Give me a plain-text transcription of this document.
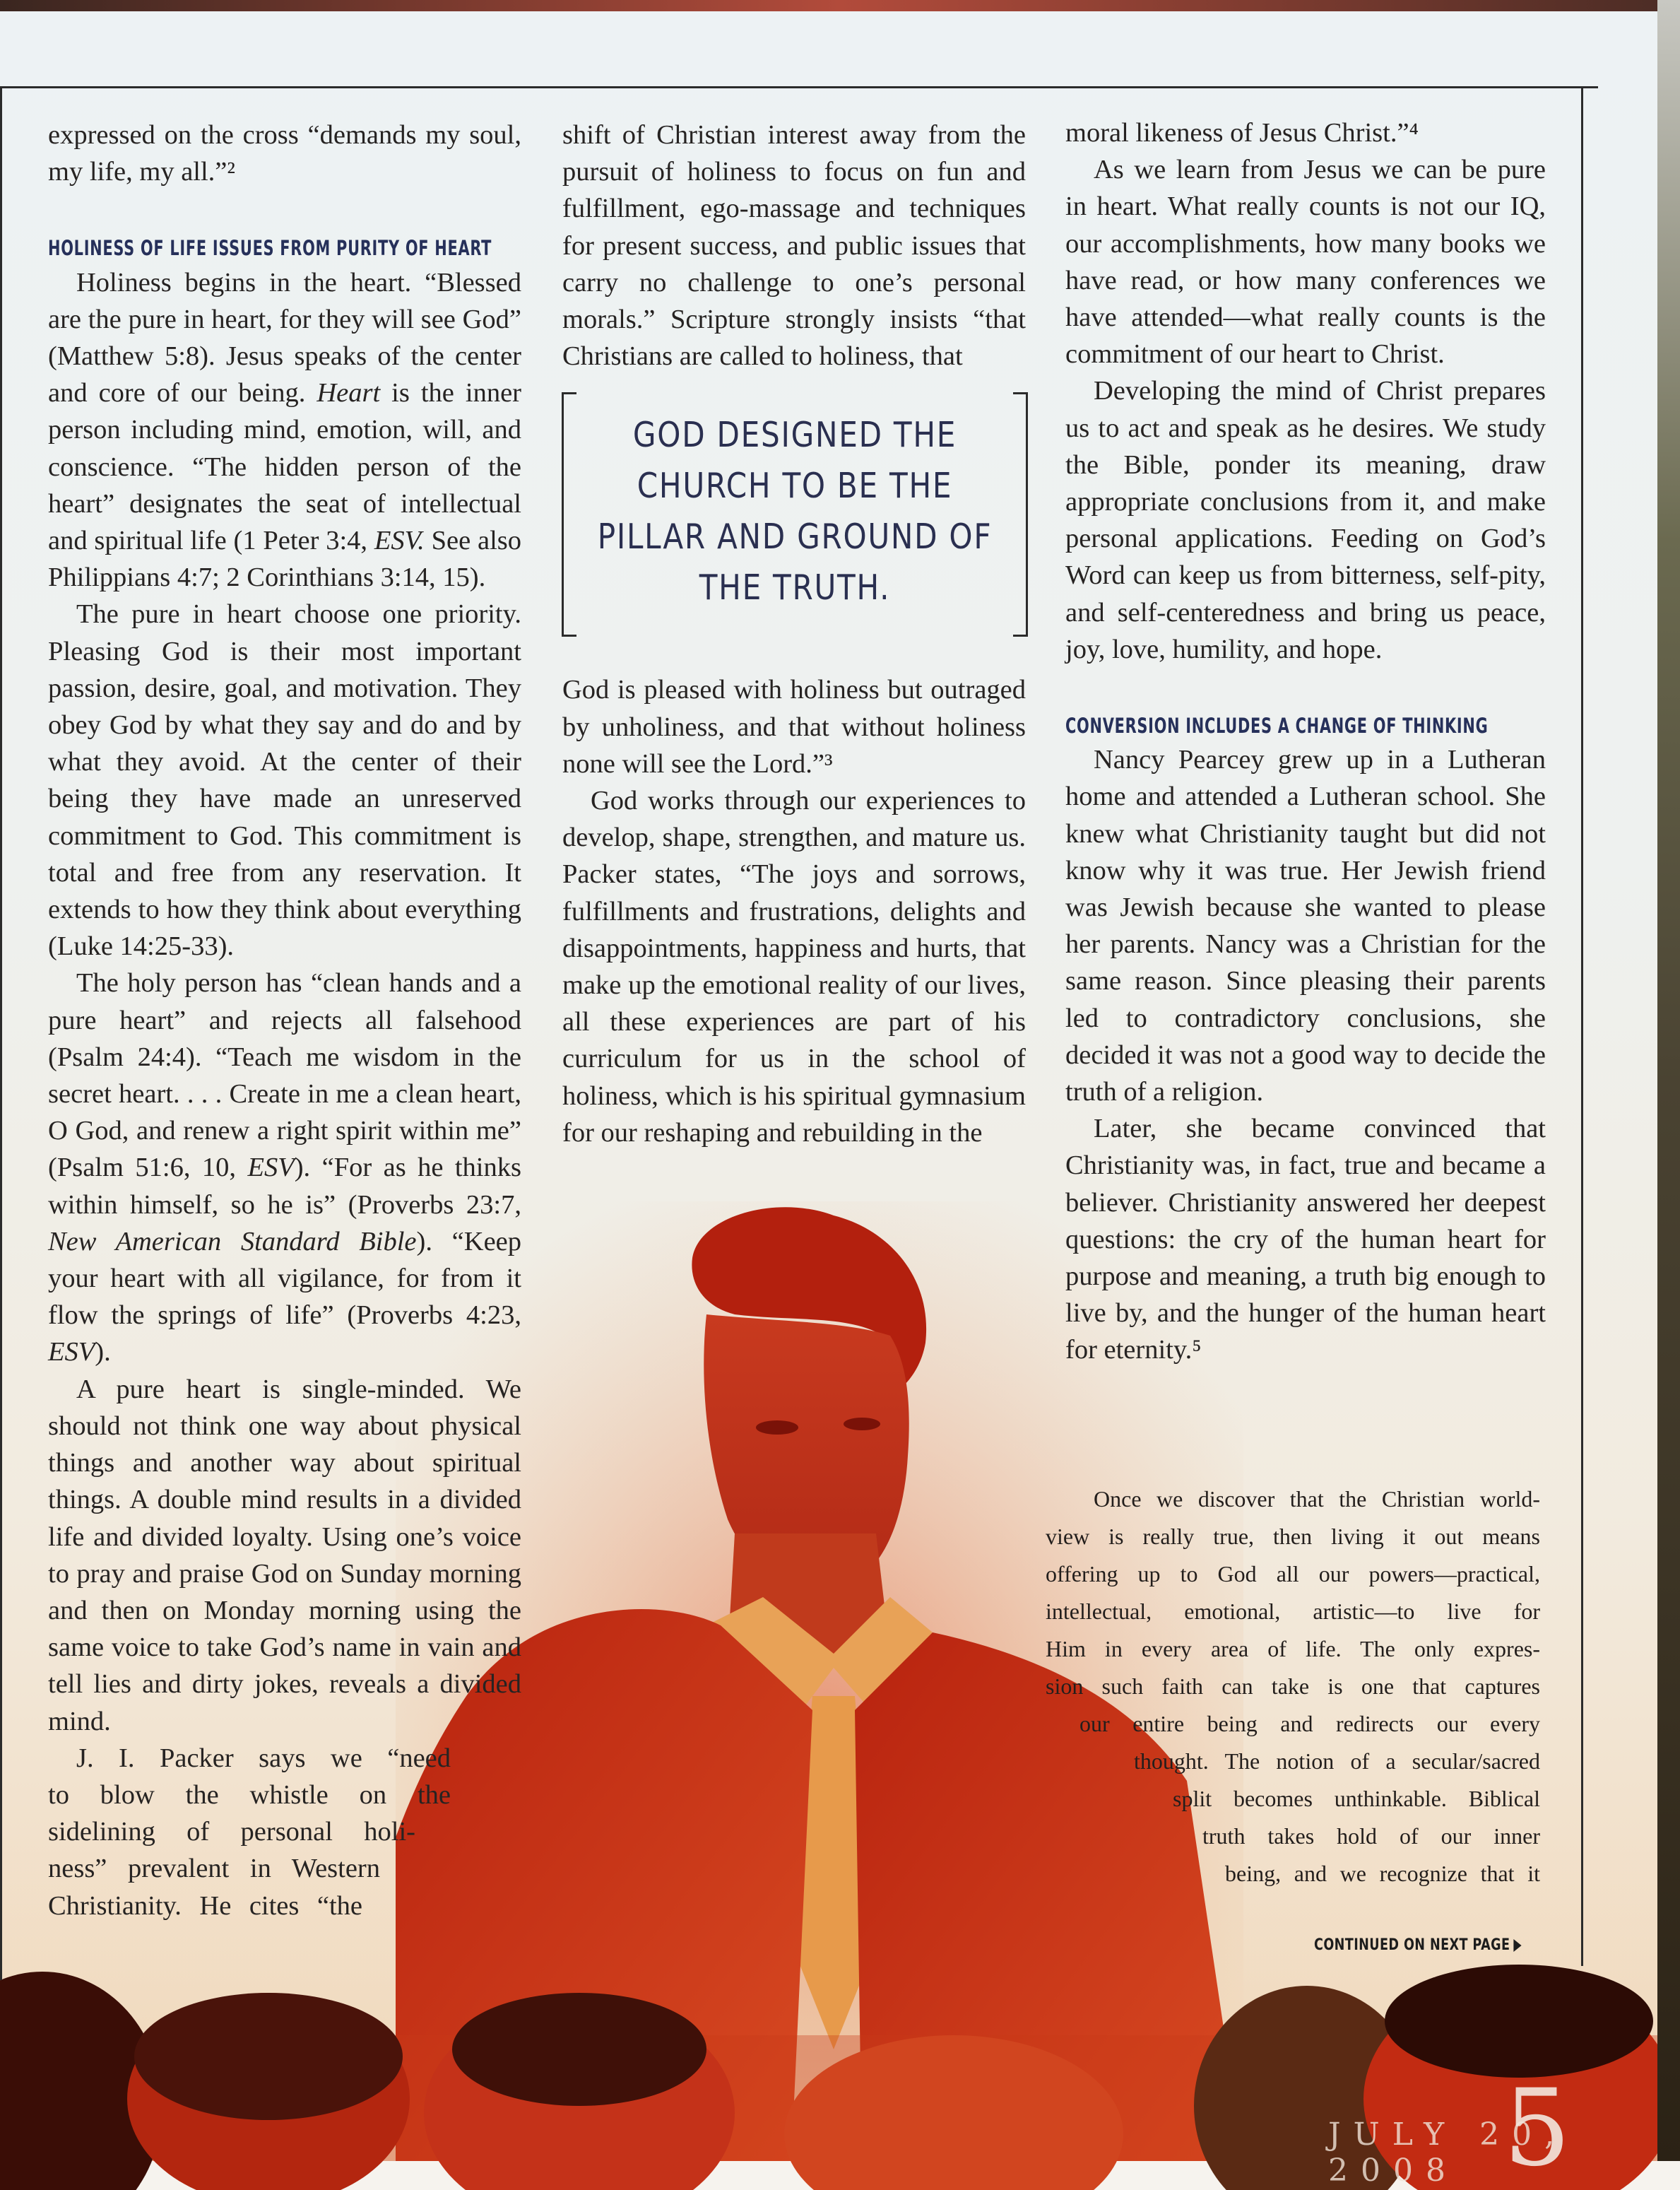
expressed on the cross “demands my soul, my life, my all.”²

HOLINESS OF LIFE ISSUES FROM PURITY OF HEART

Holiness begins in the heart. “Blessed are the pure in heart, for they will see God” (Matthew 5:8). Jesus speaks of the center and core of our being. Heart is the inner person including mind, emotion, will, and conscience. “The hidden person of the heart” designates the seat of intellectual and spiritual life (1 Peter 3:4, ESV. See also Philippians 4:7; 2 Corinthians 3:14, 15).

The pure in heart choose one priority. Pleasing God is their most important passion, desire, goal, and motivation. They obey God by what they say and do and by what they avoid. At the center of their being they have made an unreserved commitment to God. This commitment is total and free from any reservation. It extends to how they think about everything (Luke 14:25-33).

The holy person has “clean hands and a pure heart” and rejects all falsehood (Psalm 24:4). “Teach me wisdom in the secret heart. . . . Create in me a clean heart, O God, and renew a right spirit within me” (Psalm 51:6, 10, ESV). “For as he thinks within himself, so he is” (Proverbs 23:7, New American Standard Bible). “Keep your heart with all vigilance, for from it flow the springs of life” (Proverbs 4:23, ESV).

A pure heart is single-minded. We should not think one way about physical things and another way about spiritual things. A double mind results in a divided life and divided loyalty. Using one’s voice to pray and praise God on Sunday morning and then on Monday morning using the same voice to take God’s name in vain and tell lies and dirty jokes, reveals a divided mind.

J. I. Packer says we “need
to blow the whistle on the
sidelining of personal holi-
ness” prevalent in Western
Christianity. He cites “the

shift of Christian interest away from the pursuit of holiness to focus on fun and fulfillment, ego-massage and techniques for present success, and public issues that carry no challenge to one’s personal morals.” Scripture strongly insists “that Christians are called to holiness, that

God is pleased with holiness but outraged by unholiness, and that without holiness none will see the Lord.”³

God works through our experiences to develop, shape, strengthen, and mature us. Packer states, “The joys and sorrows, fulfillments and frustrations, delights and disappointments, happiness and hurts, that make up the emotional reality of our lives, all these experiences are part of his curriculum for us in the school of holiness, which is his spiritual gymnasium for our reshaping and rebuilding in the

GOD DESIGNED THE CHURCH TO BE THE PILLAR AND GROUND OF THE TRUTH.

moral likeness of Jesus Christ.”⁴

As we learn from Jesus we can be pure in heart. What really counts is not our IQ, our accomplishments, how many books we have read, or how many conferences we have attended—what really counts is the commitment of our heart to Christ.

Developing the mind of Christ prepares us to act and speak as he desires. We study the Bible, ponder its meaning, draw appropriate conclusions from it, and make personal applications. Feeding on God’s Word can keep us from bitterness, self-pity, and self-centeredness and bring us peace, joy, love, humility, and hope.

CONVERSION INCLUDES A CHANGE OF THINKING

Nancy Pearcey grew up in a Lutheran home and attended a Lutheran school. She knew what Christianity taught but did not know why it was true. Her Jewish friend was Jewish because she wanted to please her parents. Nancy was a Christian for the same reason. Since pleasing their parents led to contradictory conclusions, she decided it was not a good way to decide the truth of a religion.

Later, she became convinced that Christianity was, in fact, true and became a believer. Christianity answered her deepest questions: the cry of the human heart for purpose and meaning, a truth big enough to live by, and the hunger of the human heart for eternity.⁵

Once we discover that the Christian world-
view is really true, then living it out means
offering up to God all our powers—practical,
intellectual, emotional, artistic—to live for
Him in every area of life. The only expres-
sion such faith can take is one that captures
our entire being and redirects our every
thought. The notion of a secular/sacred
split becomes unthinkable. Biblical
truth takes hold of our inner
being, and we recognize that it
CONTINUED ON NEXT PAGE
JULY 20, 2008 5
